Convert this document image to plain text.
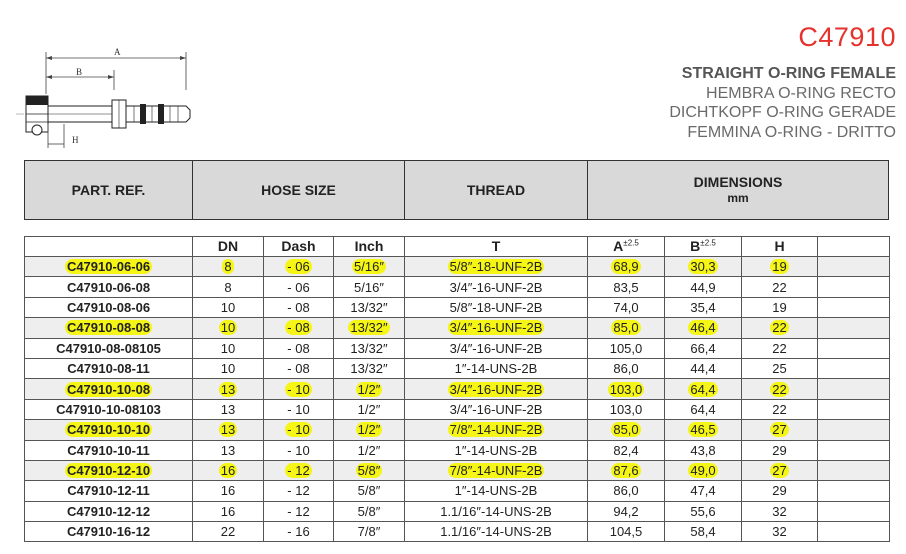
A
B
H
C47910
STRAIGHT O-RING FEMALE
HEMBRA O-RING RECTO
DICHTKOPF O-RING GERADE
FEMMINA O-RING - DRITTO
PART. REF.	HOSE SIZE	THREAD	DIMENSIONS
mm
	DN	Dash	Inch	T	$A^{\pm 2.5}$	$B^{\pm 2.5}$	H	
C47910-06-06	8	- 06	5/16″	5/8″-18-UNF-2B	68,9	30,3	19	
C47910-06-08	8	- 06	5/16″	3/4″-16-UNF-2B	83,5	44,9	22	
C47910-08-06	10	- 08	13/32″	5/8″-18-UNF-2B	74,0	35,4	19	
C47910-08-08	10	- 08	13/32″	3/4″-16-UNF-2B	85,0	46,4	22	
C47910-08-08105	10	- 08	13/32″	3/4″-16-UNF-2B	105,0	66,4	22	
C47910-08-11	10	- 08	13/32″	1″-14-UNS-2B	86,0	44,4	25	
C47910-10-08	13	- 10	1/2″	3/4″-16-UNF-2B	103,0	64,4	22	
C47910-10-08103	13	- 10	1/2″	3/4″-16-UNF-2B	103,0	64,4	22	
C47910-10-10	13	- 10	1/2″	7/8″-14-UNF-2B	85,0	46,5	27	
C47910-10-11	13	- 10	1/2″	1″-14-UNS-2B	82,4	43,8	29	
C47910-12-10	16	- 12	5/8″	7/8″-14-UNF-2B	87,6	49,0	27	
C47910-12-11	16	- 12	5/8″	1″-14-UNS-2B	86,0	47,4	29	
C47910-12-12	16	- 12	5/8″	1.1/16″-14-UNS-2B	94,2	55,6	32	
C47910-16-12	22	- 16	7/8″	1.1/16″-14-UNS-2B	104,5	58,4	32	
